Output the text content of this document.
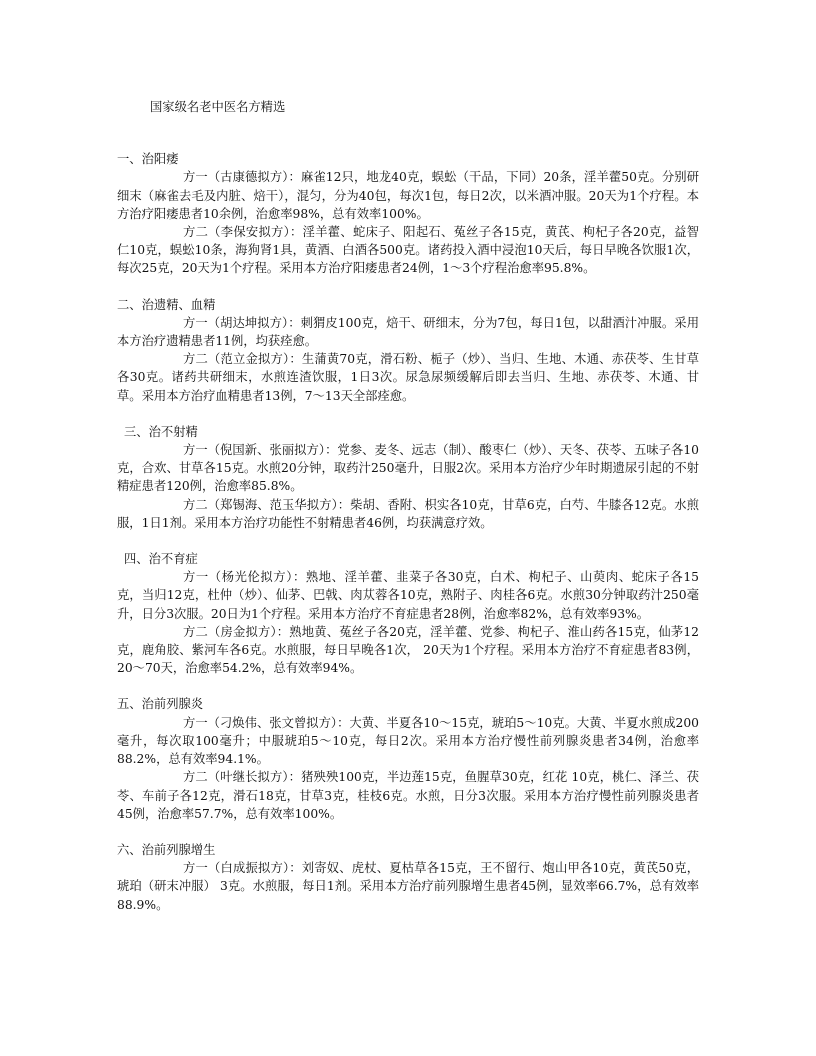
国家级名老中医名方精选
一、治阳痿
方一（古康德拟方）：麻雀12只，地龙40克，蜈蚣（干品，下同）20条，淫羊藿50克。分别研细末（麻雀去毛及内脏、焙干），混匀，分为40包，每次1包，每日2次，以米酒冲服。20天为1个疗程。本方治疗阳痿患者10余例，治愈率98%，总有效率100%。
方二（李保安拟方）：淫羊藿、蛇床子、阳起石、菟丝子各15克，黄芪、枸杞子各20克，益智仁10克，蜈蚣10条，海狗肾1具，黄酒、白酒各500克。诸药投入酒中浸泡10天后，每日早晚各饮服1次，每次25克，20天为1个疗程。采用本方治疗阳痿患者24例，1～3个疗程治愈率95.8%。
二、治遗精、血精
方一（胡达坤拟方）：刺猬皮100克，焙干、研细末，分为7包，每日1包，以甜酒汁冲服。采用本方治疗遗精患者11例，均获痊愈。
方二（范立金拟方）：生蒲黄70克，滑石粉、栀子（炒）、当归、生地、木通、赤茯苓、生甘草各30克。诸药共研细末，水煎连渣饮服，1日3次。尿急尿频缓解后即去当归、生地、赤茯苓、木通、甘草。采用本方治疗血精患者13例，7～13天全部痊愈。
三、治不射精
方一（倪国新、张丽拟方）：党参、麦冬、远志（制）、酸枣仁（炒）、天冬、茯苓、五味子各10克，合欢、甘草各15克。水煎20分钟，取药汁250毫升，日服2次。采用本方治疗少年时期遗尿引起的不射精症患者120例，治愈率85.8%。
方二（郑锡海、范玉华拟方）：柴胡、香附、枳实各10克，甘草6克，白芍、牛膝各12克。水煎服，1日1剂。采用本方治疗功能性不射精患者46例，均获满意疗效。
四、治不育症
方一（杨光伦拟方）：熟地、淫羊藿、韭菜子各30克，白术、枸杞子、山萸肉、蛇床子各15克，当归12克，杜仲（炒）、仙茅、巴戟、肉苁蓉各10克，熟附子、肉桂各6克。水煎30分钟取药汁250毫升，日分3次服。20日为1个疗程。采用本方治疗不育症患者28例，治愈率82%，总有效率93%。
方二（房金拟方）：熟地黄、菟丝子各20克，淫羊藿、党参、枸杞子、淮山药各15克，仙茅12克，鹿角胶、紫河车各6克。水煎服，每日早晚各1次， 20天为1个疗程。采用本方治疗不育症患者83例，20～70天，治愈率54.2%，总有效率94%。
五、治前列腺炎
方一（刁焕伟、张文曾拟方）：大黄、半夏各10～15克，琥珀5～10克。大黄、半夏水煎成200毫升，每次取100毫升；中服琥珀5～10克，每日2次。采用本方治疗慢性前列腺炎患者34例，治愈率88.2%，总有效率94.1%。
方二（叶继长拟方）：猪殃殃100克，半边莲15克，鱼腥草30克，红花 10克，桃仁、泽兰、茯苓、车前子各12克，滑石18克，甘草3克，桂枝6克。水煎，日分3次服。采用本方治疗慢性前列腺炎患者45例，治愈率57.7%，总有效率100%。
六、治前列腺增生
方一（白成振拟方）：刘寄奴、虎杖、夏枯草各15克，王不留行、炮山甲各10克，黄芪50克，琥珀（研末冲服） 3克。水煎服，每日1剂。采用本方治疗前列腺增生患者45例，显效率66.7%，总有效率88.9%。
